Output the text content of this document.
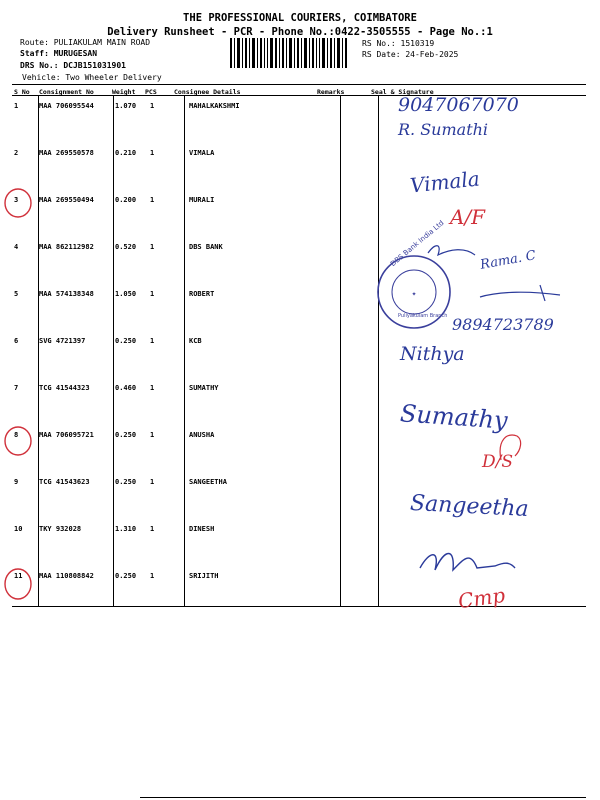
THE PROFESSIONAL COURIERS, COIMBATORE
Delivery Runsheet - PCR - Phone No.:0422-3505555 - Page No.:1
Route: PULIAKULAM MAIN ROAD
Staff: MURUGESAN
DRS No.: DCJB151031901
Vehicle: Two Wheeler Delivery
RS No.: 1510319
RS Date: 24-Feb-2025
S No Consignment No	Weight PCS	Consignee Details	Remarks	Seal & Signature
1	MAA 706095544	1.070 1	MAHALKAKSHMI
2	MAA 269550578	0.210 1	VIMALA
3	MAA 269550494	0.200 1	MURALI
4	MAA 862112982	0.520 1	DBS BANK
5	MAA 574138348	1.050 1	ROBERT
6	SVG 4721397	0.250 1	KCB
7	TCG 41544323	0.460 1	SUMATHY
8	MAA 706095721	0.250 1	ANUSHA
9	TCG 41543623	0.250 1	SANGEETHA
10 TKY 932028	1.310 1	DINESH
11 MAA 110808842	0.250 1	SRIJITH
✦
DBS Bank India Ltd
Puliyakulam Branch
9047067070
R. Sumathi
Vimala
A/F
Rama. C
9894723789
Nithya
Sumathy
D/S
Sangeetha
Cmp
